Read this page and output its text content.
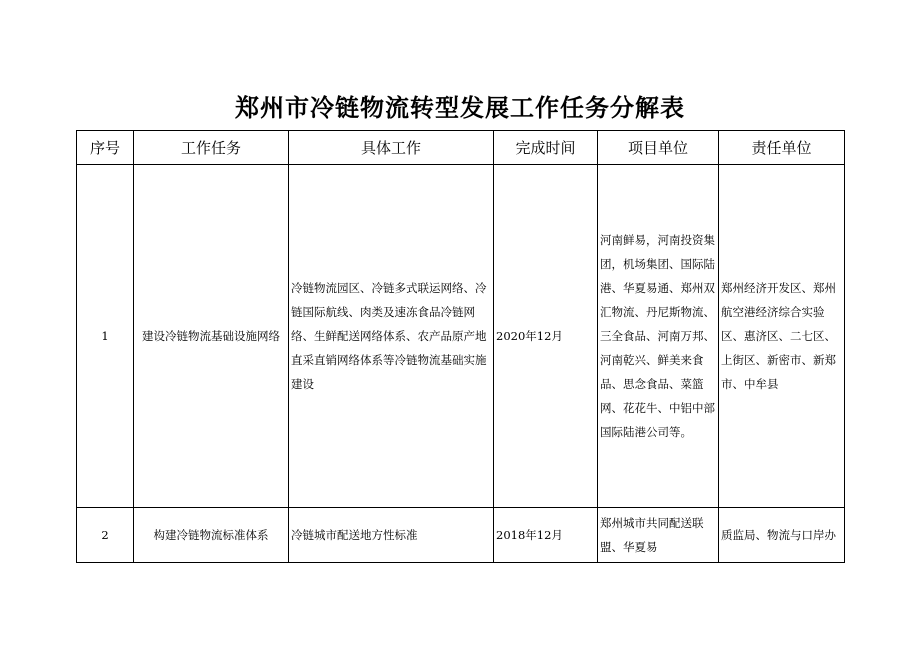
郑州市冷链物流转型发展工作任务分解表
序号	工作任务	具体工作	完成时间	项目单位	责任单位
1	建设冷链物流基础设施网络	冷链物流园区、冷链多式联运网络、冷链国际航线、肉类及速冻食品冷链网络、生鲜配送网络体系、农产品原产地直采直销网络体系等冷链物流基础实施建设	2020年12月	河南鲜易，河南投资集团，机场集团、国际陆港、华夏易通、郑州双汇物流、丹尼斯物流、三全食品、河南万邦、河南乾兴、鲜美来食品、思念食品、菜篮网、花花牛、中铝中部国际陆港公司等。	郑州经济开发区、郑州航空港经济综合实验区、惠济区、二七区、上街区、新密市、新郑市、中牟县
2	构建冷链物流标准体系	冷链城市配送地方性标准	2018年12月	郑州城市共同配送联盟、华夏易	质监局、物流与口岸办
